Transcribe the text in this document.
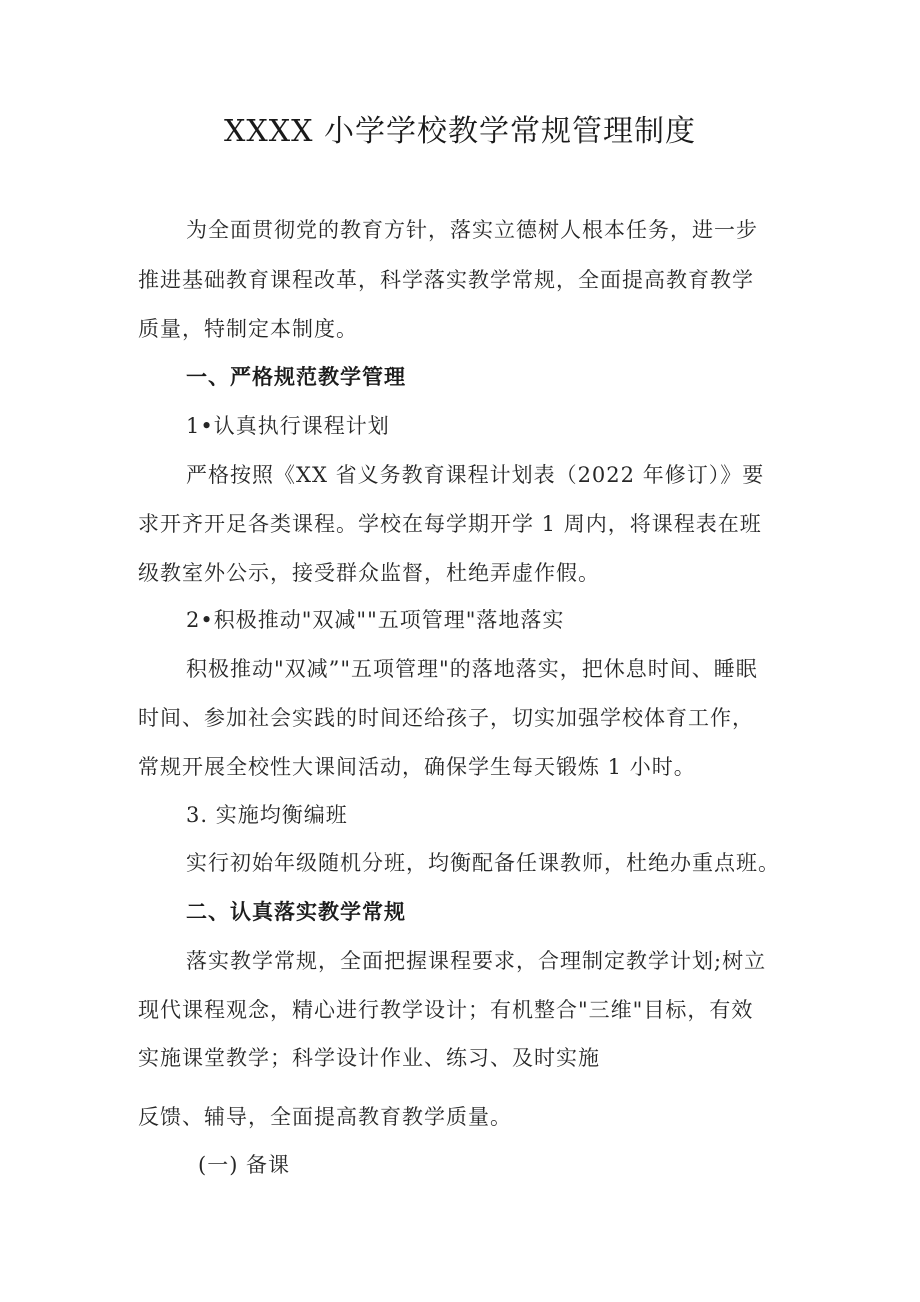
XXXX 小学学校教学常规管理制度
为全面贯彻党的教育方针，落实立德树人根本任务，进一步
推进基础教育课程改革，科学落实教学常规，全面提高教育教学
质量，特制定本制度。
一、严格规范教学管理
1•认真执行课程计划
严格按照《XX 省义务教育课程计划表（2022 年修订）》要
求开齐开足各类课程。学校在每学期开学 1 周内，将课程表在班
级教室外公示，接受群众监督，杜绝弄虚作假。
2•积极推动"双减""五项管理"落地落实
积极推动"双减”"五项管理"的落地落实，把休息时间、睡眠
时间、参加社会实践的时间还给孩子，切实加强学校体育工作，
常规开展全校性大课间活动，确保学生每天锻炼 1 小时。
3. 实施均衡编班
实行初始年级随机分班，均衡配备任课教师，杜绝办重点班。
二、认真落实教学常规
落实教学常规，全面把握课程要求，合理制定教学计划;树立
现代课程观念，精心进行教学设计；有机整合"三维"目标，有效
实施课堂教学；科学设计作业、练习、及时实施
反馈、辅导，全面提高教育教学质量。
(一) 备课
